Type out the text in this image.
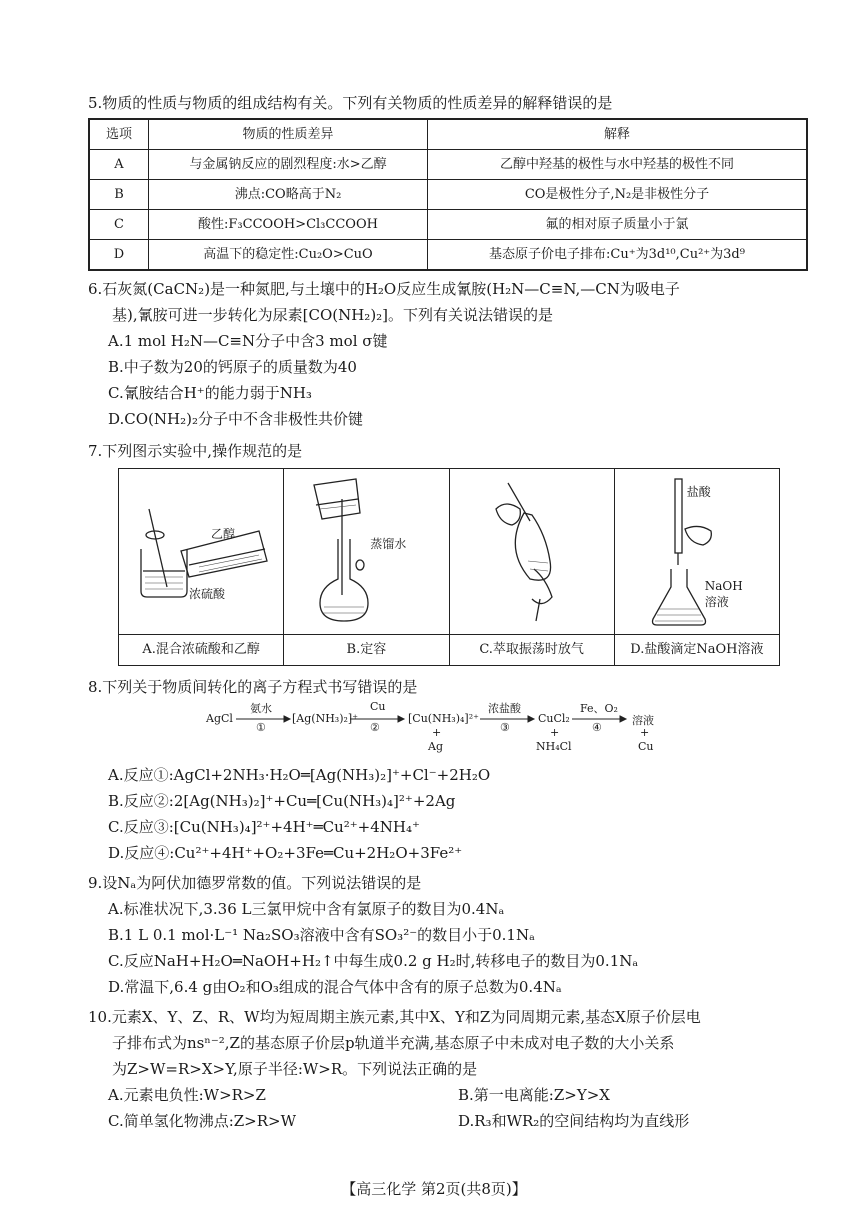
5.物质的性质与物质的组成结构有关。下列有关物质的性质差异的解释错误的是
选项	物质的性质差异	解释
A	与金属钠反应的剧烈程度:水>乙醇	乙醇中羟基的极性与水中羟基的极性不同
B	沸点:CO略高于N₂	CO是极性分子,N₂是非极性分子
C	酸性:F₃CCOOH>Cl₃CCOOH	氟的相对原子质量小于氯
D	高温下的稳定性:Cu₂O>CuO	基态原子价电子排布:Cu⁺为3d¹⁰,Cu²⁺为3d⁹
6.石灰氮(CaCN₂)是一种氮肥,与土壤中的H₂O反应生成氰胺(H₂N—C≡N,—CN为吸电子
基),氰胺可进一步转化为尿素[CO(NH₂)₂]。下列有关说法错误的是
A.1 mol H₂N—C≡N分子中含3 mol σ键
B.中子数为20的钙原子的质量数为40
C.氰胺结合H⁺的能力弱于NH₃
D.CO(NH₂)₂分子中不含非极性共价键
7.下列图示实验中,操作规范的是
乙醇
浓硫酸
A.混合浓硫酸和乙醇
蒸馏水
B.定容	C.萃取振荡时放气
盐酸
NaOH
溶液
D.盐酸滴定NaOH溶液
8.下列关于物质间转化的离子方程式书写错误的是
AgCl
氨水
①
[Ag(NH₃)₂]⁺
Cu
②
[Cu(NH₃)₄]²⁺
+
Ag
浓盐酸
③
CuCl₂
+
NH₄Cl
Fe、O₂
④
溶液
+
Cu
A.反应①:AgCl+2NH₃·H₂O═[Ag(NH₃)₂]⁺+Cl⁻+2H₂O
B.反应②:2[Ag(NH₃)₂]⁺+Cu═[Cu(NH₃)₄]²⁺+2Ag
C.反应③:[Cu(NH₃)₄]²⁺+4H⁺═Cu²⁺+4NH₄⁺
D.反应④:Cu²⁺+4H⁺+O₂+3Fe═Cu+2H₂O+3Fe²⁺
9.设Nₐ为阿伏加德罗常数的值。下列说法错误的是
A.标准状况下,3.36 L三氯甲烷中含有氯原子的数目为0.4Nₐ
B.1 L 0.1 mol·L⁻¹ Na₂SO₃溶液中含有SO₃²⁻的数目小于0.1Nₐ
C.反应NaH+H₂O═NaOH+H₂↑中每生成0.2 g H₂时,转移电子的数目为0.1Nₐ
D.常温下,6.4 g由O₂和O₃组成的混合气体中含有的原子总数为0.4Nₐ
10.元素X、Y、Z、R、W均为短周期主族元素,其中X、Y和Z为同周期元素,基态X原子价层电
子排布式为nsⁿ⁻²,Z的基态原子价层p轨道半充满,基态原子中未成对电子数的大小关系
为Z>W=R>X>Y,原子半径:W>R。下列说法正确的是
A.元素电负性:W>R>Z	B.第一电离能:Z>Y>X
C.简单氢化物沸点:Z>R>W	D.R₃和WR₂的空间结构均为直线形
【高三化学 第2页(共8页)】
